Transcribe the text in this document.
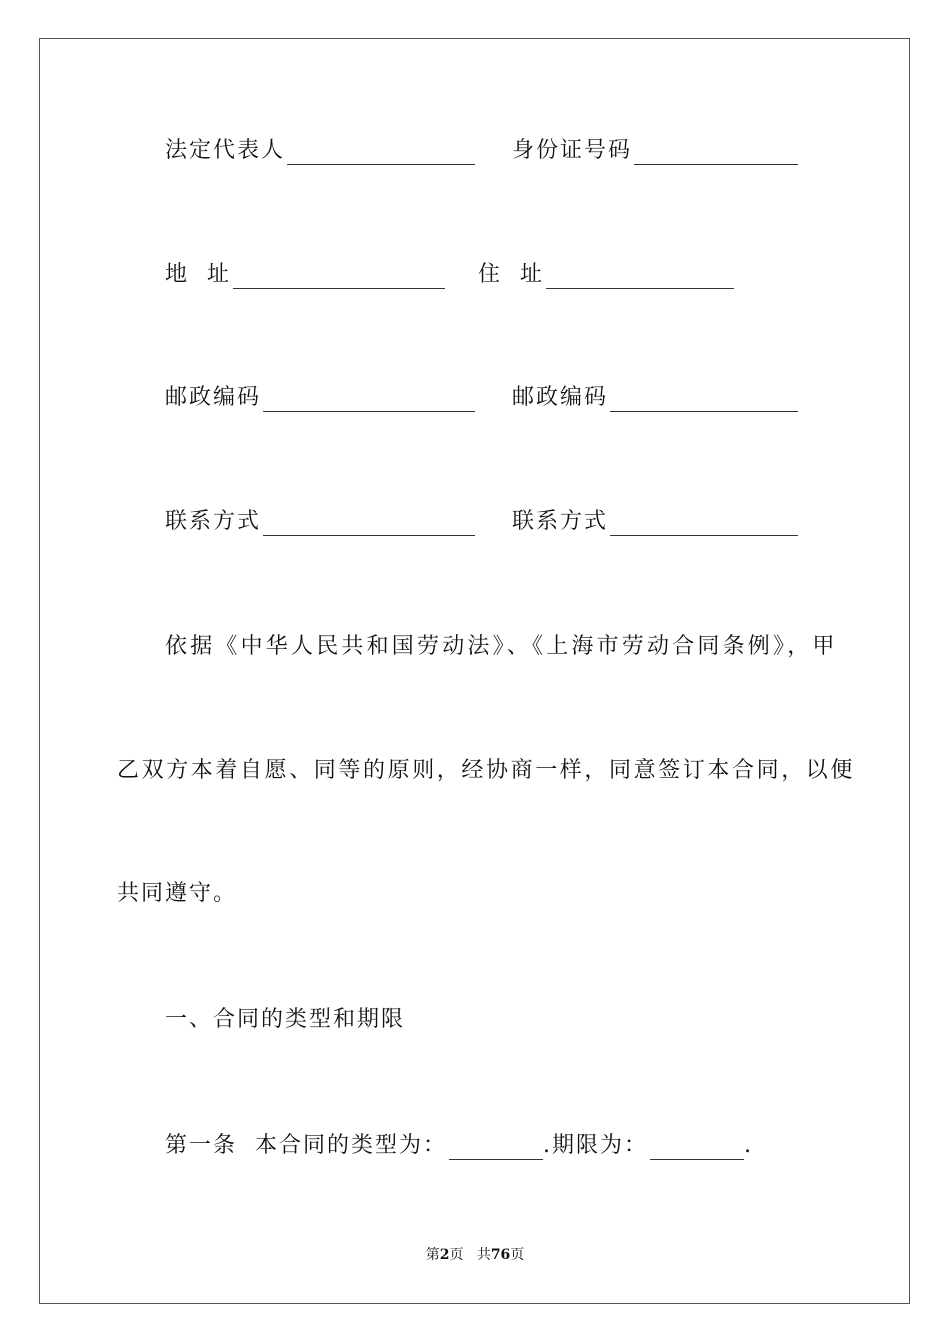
法定代表人	身份证号码
地  址	住  址
邮政编码	邮政编码
联系方式	联系方式
依据《中华人民共和国劳动法》、《上海市劳动合同条例》，甲
乙双方本着自愿、同等的原则，经协商一样，同意签订本合同，以便
共同遵守。
一、合同的类型和期限
第一条  本合同的类型为：	.期限为：	.
第2页 共76页
